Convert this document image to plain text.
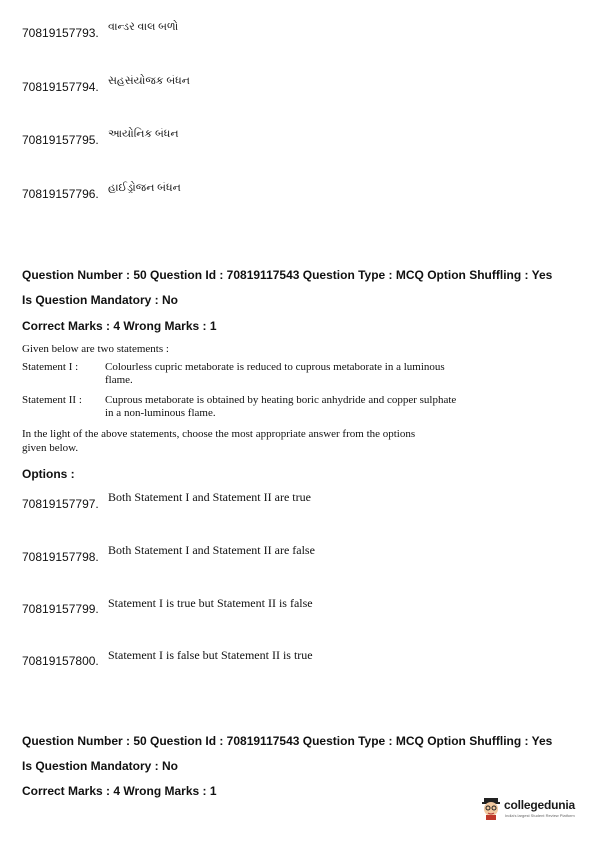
70819157793. વાન્ડર વાલ બળો
70819157794. સહસંયોજક બંધન
70819157795. આયોનિક બંધન
70819157796. હાઈડ્રોજન બંધન
Question Number : 50 Question Id : 70819117543 Question Type : MCQ Option Shuffling : Yes
Is Question Mandatory : No
Correct Marks : 4 Wrong Marks : 1
Given below are two statements :
Statement I : Colourless cupric metaborate is reduced to cuprous metaborate in a luminous flame.
Statement II : Cuprous metaborate is obtained by heating boric anhydride and copper sulphate in a non-luminous flame.
In the light of the above statements, choose the most appropriate answer from the options
given below.
Options :
70819157797. Both Statement I and Statement II are true
70819157798. Both Statement I and Statement II are false
70819157799. Statement I is true but Statement II is false
70819157800. Statement I is false but Statement II is true
Question Number : 50 Question Id : 70819117543 Question Type : MCQ Option Shuffling : Yes
Is Question Mandatory : No
Correct Marks : 4 Wrong Marks : 1
collegedunia
India's largest Student Review Platform
